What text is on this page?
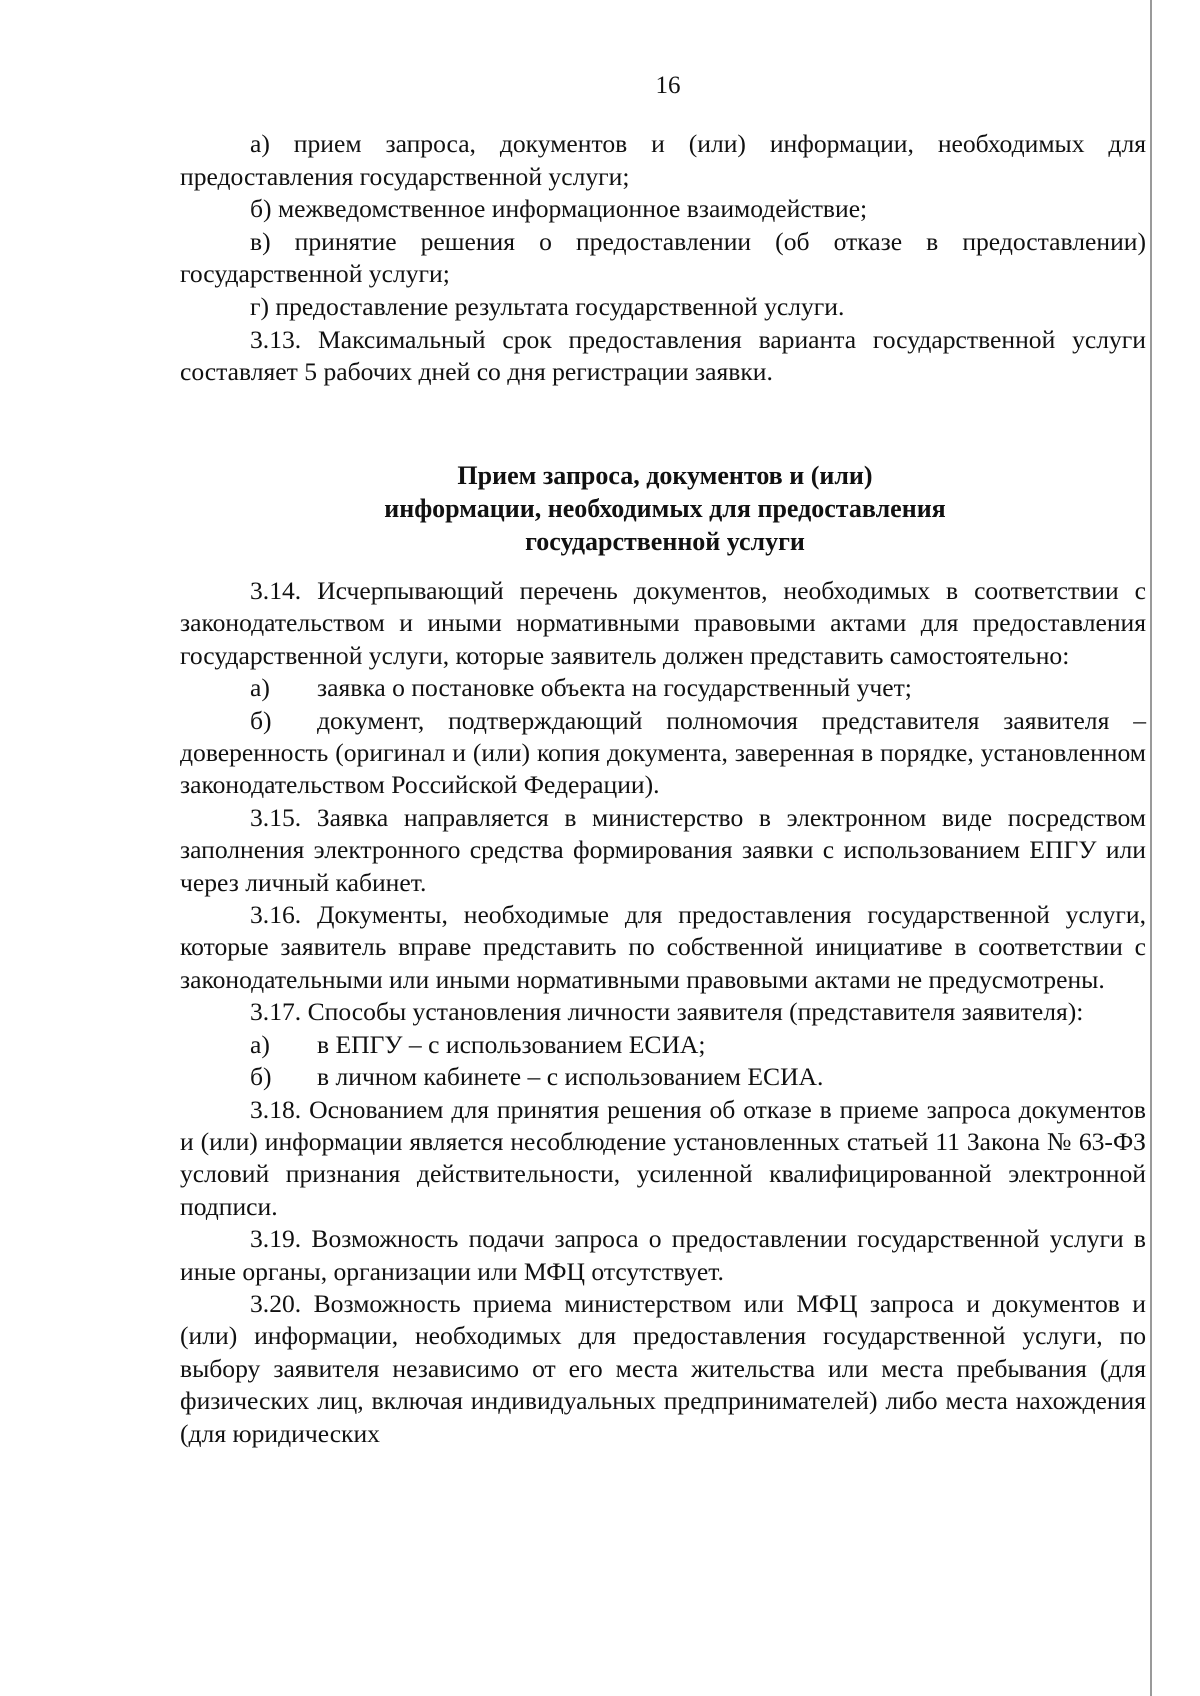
16

а) прием запроса, документов и (или) информации, необходимых для предоставления государственной услуги;

б) межведомственное информационное взаимодействие;

в) принятие решения о предоставлении (об отказе в предоставлении) государственной услуги;

г) предоставление результата государственной услуги.

3.13. Максимальный срок предоставления варианта государственной услуги составляет 5 рабочих дней со дня регистрации заявки.

Прием запроса, документов и (или)
информации, необходимых для предоставления
государственной услуги

3.14. Исчерпывающий перечень документов, необходимых в соответствии с законодательством и иными нормативными правовыми актами для предоставления государственной услуги, которые заявитель должен представить самостоятельно:

а) заявка о постановке объекта на государственный учет;

б) документ, подтверждающий полномочия представителя заявителя – доверенность (оригинал и (или) копия документа, заверенная в порядке, установленном законодательством Российской Федерации).

3.15. Заявка направляется в министерство в электронном виде посредством заполнения электронного средства формирования заявки с использованием ЕПГУ или через личный кабинет.

3.16. Документы, необходимые для предоставления государственной услуги, которые заявитель вправе представить по собственной инициативе в соответствии с законодательными или иными нормативными правовыми актами не предусмотрены.

3.17. Способы установления личности заявителя (представителя заявителя):

а) в ЕПГУ – с использованием ЕСИА;

б) в личном кабинете – с использованием ЕСИА.

3.18. Основанием для принятия решения об отказе в приеме запроса документов и (или) информации является несоблюдение установленных статьей 11 Закона № 63-ФЗ условий признания действительности, усиленной квалифицированной электронной подписи.

3.19. Возможность подачи запроса о предоставлении государственной услуги в иные органы, организации или МФЦ отсутствует.

3.20. Возможность приема министерством или МФЦ запроса и документов и (или) информации, необходимых для предоставления государственной услуги, по выбору заявителя независимо от его места жительства или места пребывания (для физических лиц, включая индивидуальных предпринимателей) либо места нахождения (для юридических
